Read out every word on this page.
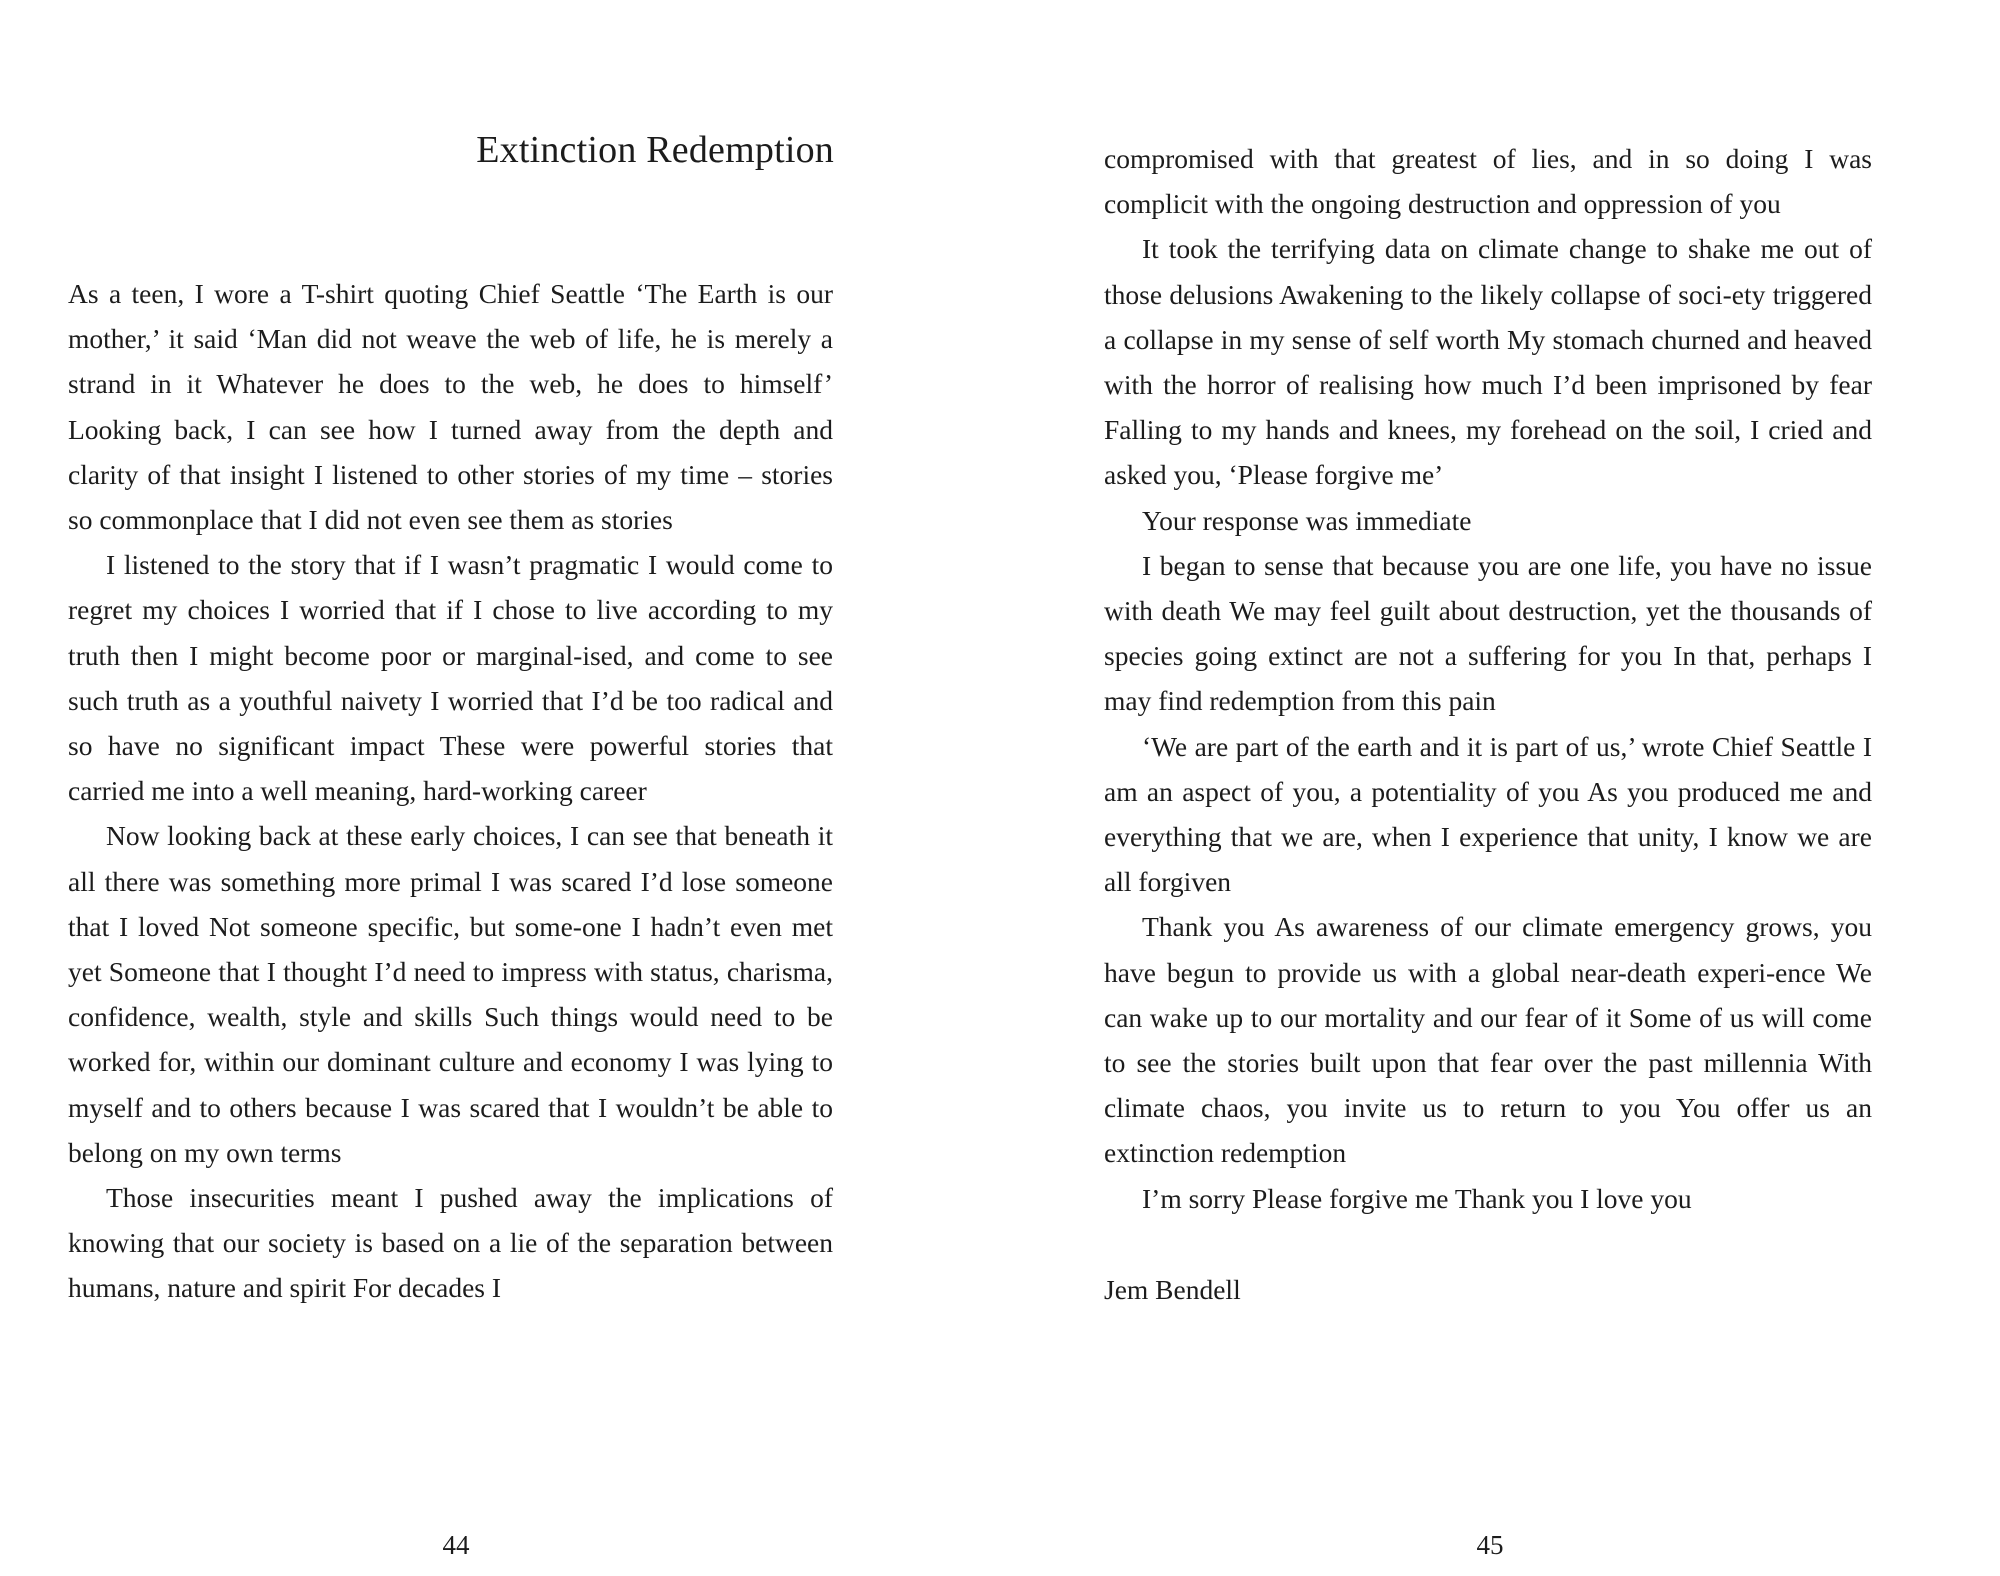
Extinction Redemption

As a teen, I wore a T-shirt quoting Chief Seattle ‘The Earth is our mother,’ it said ‘Man did not weave the web of life, he is merely a strand in it Whatever he does to the web, he does to himself’ Looking back, I can see how I turned away from the depth and clarity of that insight I listened to other stories of my time – stories so commonplace that I did not even see them as stories

I listened to the story that if I wasn’t pragmatic I would come to regret my choices I worried that if I chose to live according to my truth then I might become poor or marginal-ised, and come to see such truth as a youthful naivety I worried that I’d be too radical and so have no significant impact These were powerful stories that carried me into a well meaning, hard-working career

Now looking back at these early choices, I can see that beneath it all there was something more primal I was scared I’d lose someone that I loved Not someone specific, but some-one I hadn’t even met yet Someone that I thought I’d need to impress with status, charisma, confidence, wealth, style and skills Such things would need to be worked for, within our dominant culture and economy I was lying to myself and to others because I was scared that I wouldn’t be able to belong on my own terms

Those insecurities meant I pushed away the implications of knowing that our society is based on a lie of the separation between humans, nature and spirit For decades I

44

compromised with that greatest of lies, and in so doing I was complicit with the ongoing destruction and oppression of you

It took the terrifying data on climate change to shake me out of those delusions Awakening to the likely collapse of soci-ety triggered a collapse in my sense of self worth My stomach churned and heaved with the horror of realising how much I’d been imprisoned by fear Falling to my hands and knees, my forehead on the soil, I cried and asked you, ‘Please forgive me’

Your response was immediate

I began to sense that because you are one life, you have no issue with death We may feel guilt about destruction, yet the thousands of species going extinct are not a suffering for you In that, perhaps I may find redemption from this pain

‘We are part of the earth and it is part of us,’ wrote Chief Seattle I am an aspect of you, a potentiality of you As you produced me and everything that we are, when I experience that unity, I know we are all forgiven

Thank you As awareness of our climate emergency grows, you have begun to provide us with a global near-death experi-ence We can wake up to our mortality and our fear of it Some of us will come to see the stories built upon that fear over the past millennia With climate chaos, you invite us to return to you You offer us an extinction redemption

I’m sorry Please forgive me Thank you I love you

Jem Bendell

45
